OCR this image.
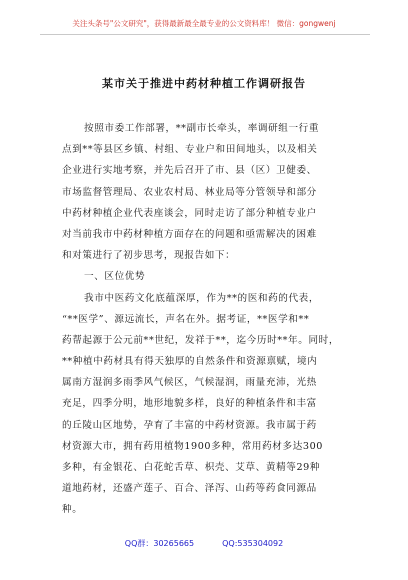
关注头条号"公文研究"，获得最新最全最专业的公文资料库！ 微信：gongwenj
某市关于推进中药材种植工作调研报告
按照市委工作部署，**副市长牵头，率调研组一行重
点到**等县区乡镇、村组、专业户和田间地头，以及相关
企业进行实地考察，并先后召开了市、县（区）卫健委、
市场监督管理局、农业农村局、林业局等分管领导和部分
中药材种植企业代表座谈会，同时走访了部分种植专业户
对当前我市中药材种植方面存在的问题和亟需解决的困难
和对策进行了初步思考，现报告如下：
一、区位优势
我市中医药文化底蕴深厚，作为**的医和药的代表，
“**医学”、源远流长，声名在外。据考证，**医学和**
药帮起源于公元前**世纪，发祥于**，迄今历时**年。同时，
**种植中药材具有得天独厚的自然条件和资源禀赋，境内
属南方湿润多雨季风气候区，气候湿润，雨量充沛，光热
充足，四季分明，地形地貌多样，良好的种植条件和丰富
的丘陵山区地势，孕育了丰富的中药材资源。我市属于药
材资源大市，拥有药用植物1900多种，常用药材多达300
多种，有金银花、白花蛇舌草、枳壳、艾草、黄精等29种
道地药材，还盛产莲子、百合、泽泻、山药等药食同源品
种。
QQ群：30265665	QQ:535304092
